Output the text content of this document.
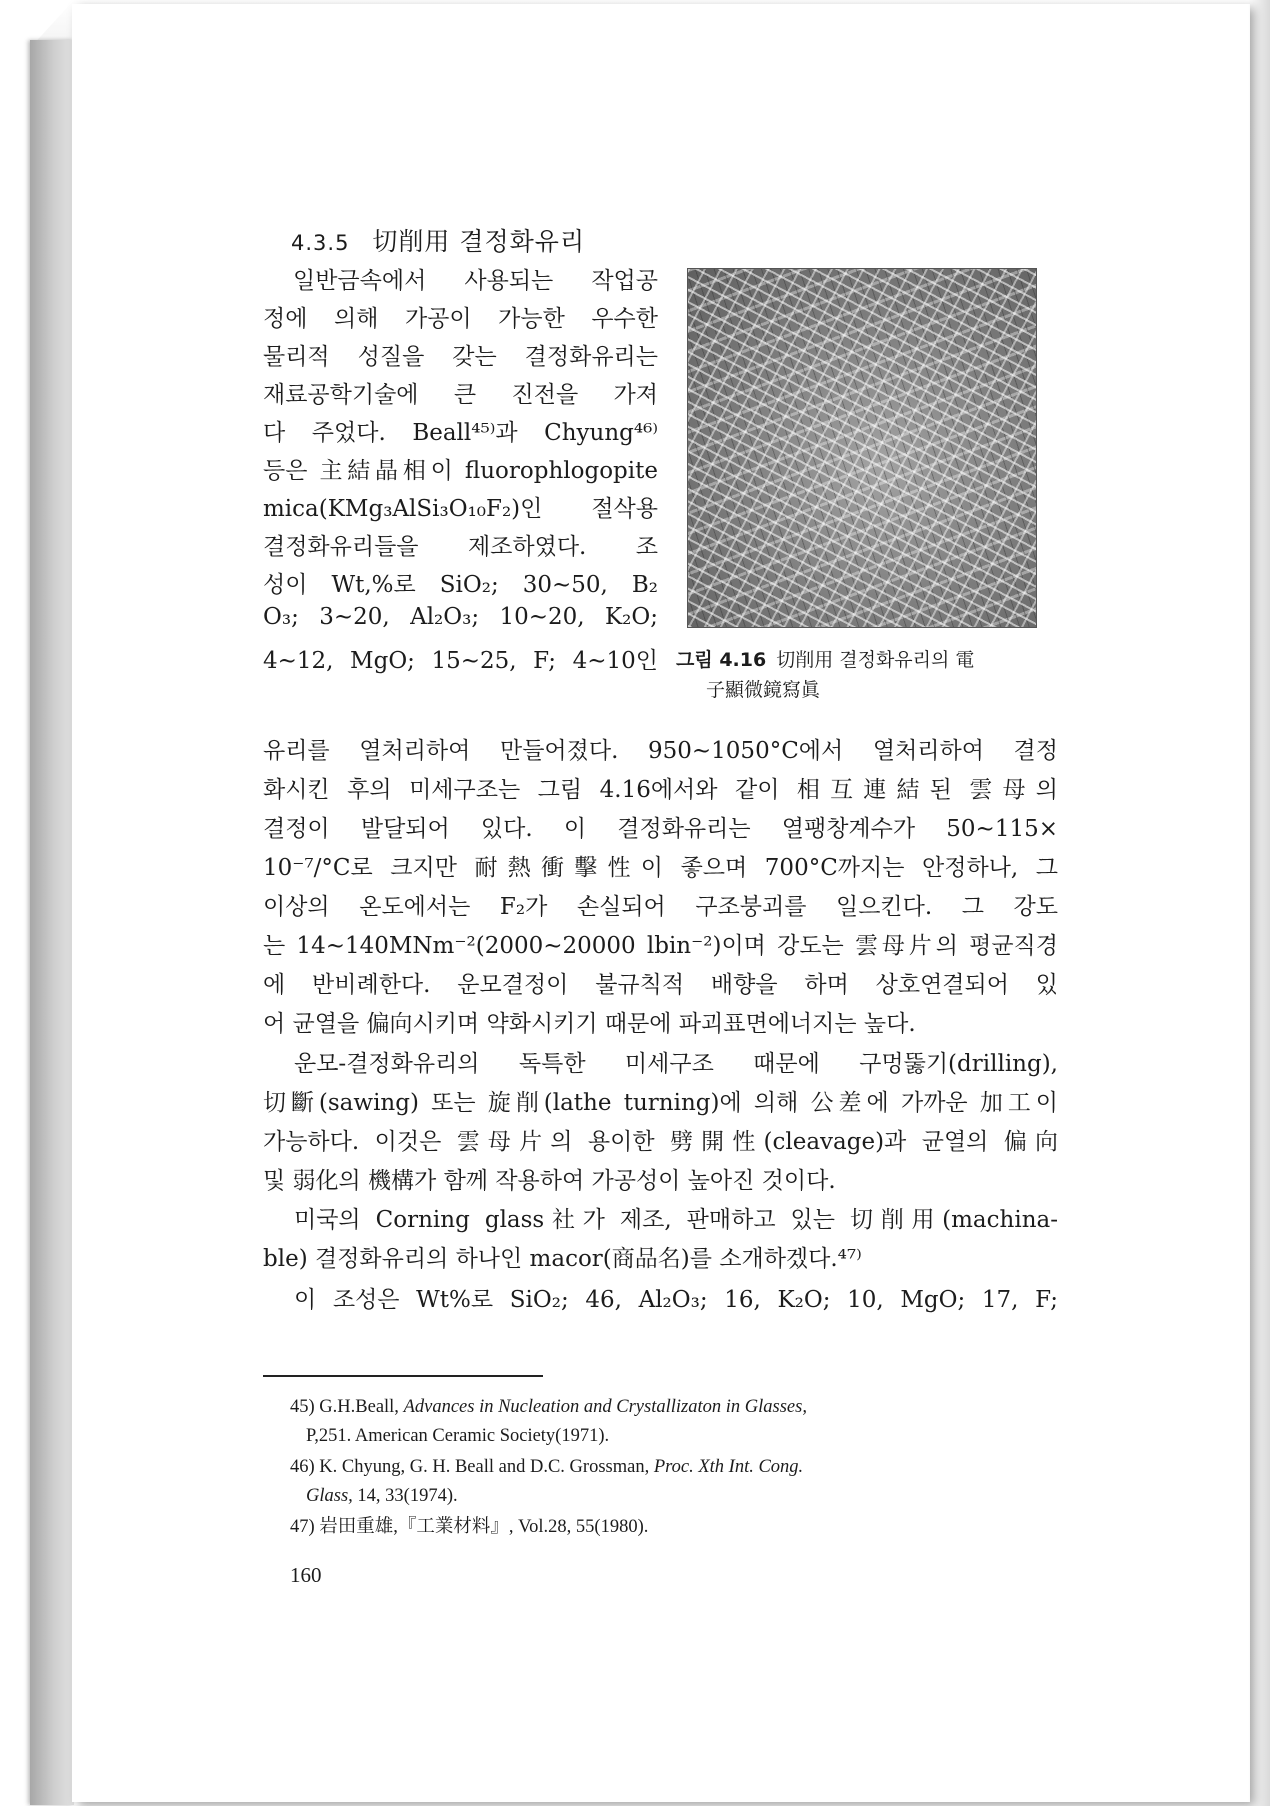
4.3.5 切削用 결정화유리
일반금속에서 사용되는 작업공
정에 의해 가공이 가능한 우수한
물리적 성질을 갖는 결정화유리는
재료공학기술에 큰 진전을 가져
다 주었다. Beall⁴⁵⁾과 Chyung⁴⁶⁾
등은 主結晶相이 fluorophlogopite
mica(KMg₃AlSi₃O₁₀F₂)인 절삭용
결정화유리들을 제조하였다. 조
성이 Wt,%로 SiO₂; 30∼50, B₂
O₃; 3∼20, Al₂O₃; 10∼20, K₂O;
4∼12, MgO; 15∼25, F; 4∼10인 그림 4.16 切削用 결정화유리의 電
子顯微鏡寫眞
유리를 열처리하여 만들어졌다. 950∼1050°C에서 열처리하여 결정
화시킨 후의 미세구조는 그림 4.16에서와 같이 相互連結된 雲母의
결정이 발달되어 있다. 이 결정화유리는 열팽창계수가 50∼115×
10⁻⁷/°C로 크지만 耐熱衝擊性이 좋으며 700°C까지는 안정하나, 그
이상의 온도에서는 F₂가 손실되어 구조붕괴를 일으킨다. 그 강도
는 14∼140MNm⁻²(2000∼20000 lbin⁻²)이며 강도는 雲母片의 평균직경
에 반비례한다. 운모결정이 불규칙적 배향을 하며 상호연결되어 있
어 균열을 偏向시키며 약화시키기 때문에 파괴표면에너지는 높다.
운모-결정화유리의 독특한 미세구조 때문에 구멍뚫기(drilling),
切斷(sawing) 또는 旋削(lathe turning)에 의해 公差에 가까운 加工이
가능하다. 이것은 雲母片의 용이한 劈開性(cleavage)과 균열의 偏向
및 弱化의 機構가 함께 작용하여 가공성이 높아진 것이다.
미국의 Corning glass社가 제조, 판매하고 있는 切削用(machina-
ble) 결정화유리의 하나인 macor(商品名)를 소개하겠다.⁴⁷⁾
이 조성은 Wt%로 SiO₂; 46, Al₂O₃; 16, K₂O; 10, MgO; 17, F;
45) G.H.Beall, Advances in Nucleation and Crystallizaton in Glasses,
P,251. American Ceramic Society(1971).
46) K. Chyung, G. H. Beall and D.C. Grossman, Proc. Xth Int. Cong.
Glass, 14, 33(1974).
47) 岩田重雄,『工業材料』, Vol.28, 55(1980).
160
